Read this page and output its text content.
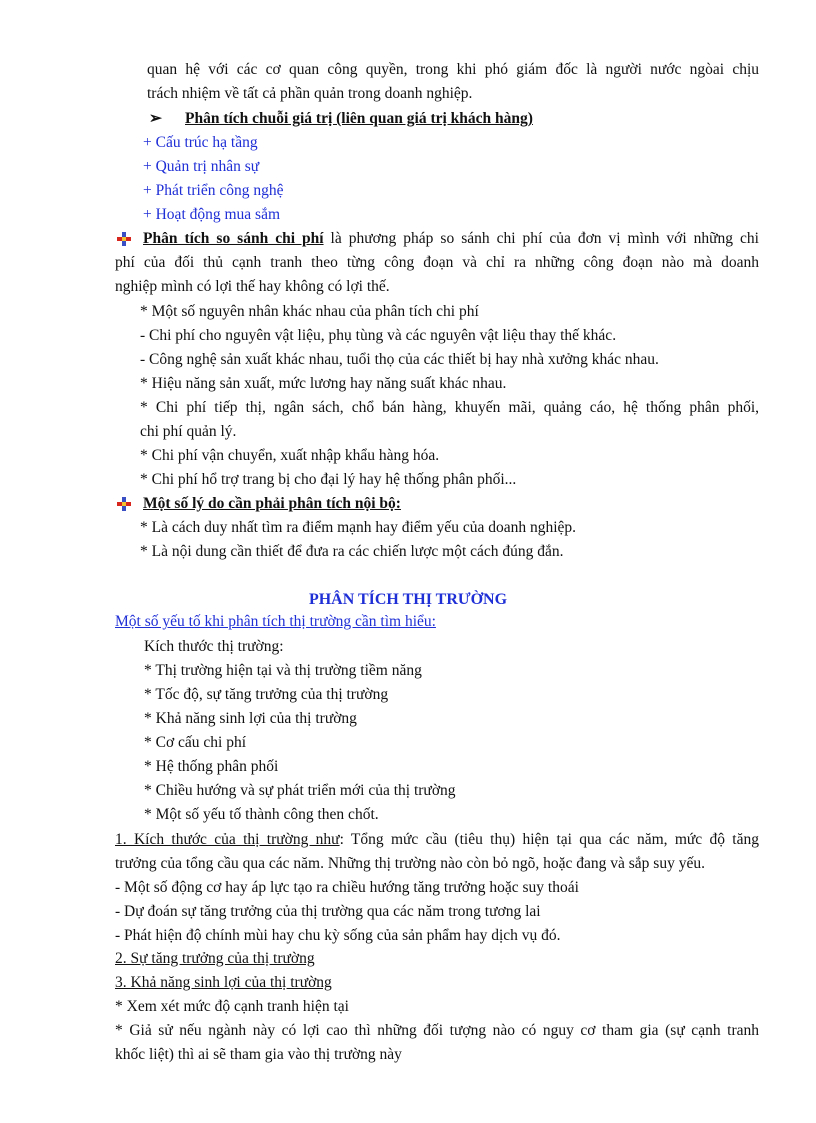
quan hệ với các cơ quan công quyền, trong khi phó giám đốc là người nước ngòai chịu
trách nhiệm về tất cả phần quản trong doanh nghiệp.
➢ Phân tích chuỗi giá trị (liên quan giá trị khách hàng)
+ Cấu trúc hạ tầng
+ Quản trị nhân sự
+ Phát triển công nghệ
+ Hoạt động mua sắm
Phân tích so sánh chi phí là phương pháp so sánh chi phí của đơn vị mình với những chi
phí của đối thủ cạnh tranh theo từng công đoạn và chỉ ra những công đoạn nào mà doanh
nghiệp mình có lợi thế hay không có lợi thế.
* Một số nguyên nhân khác nhau của phân tích chi phí
- Chi phí cho nguyên vật liệu, phụ tùng và các nguyên vật liệu thay thế khác.
- Công nghệ sản xuất khác nhau, tuổi thọ của các thiết bị hay nhà xưởng khác nhau.
* Hiệu năng sản xuất, mức lương hay năng suất khác nhau.
* Chi phí tiếp thị, ngân sách, chổ bán hàng, khuyến mãi, quảng cáo, hệ thống phân phối,
chi phí quản lý.
* Chi phí vận chuyển, xuất nhập khẩu hàng hóa.
* Chi phí hổ trợ trang bị cho đại lý hay hệ thống phân phối...
Một số lý do cần phải phân tích nội bộ:
* Là cách duy nhất tìm ra điểm mạnh hay điểm yếu của doanh nghiệp.
* Là nội dung cần thiết để đưa ra các chiến lược một cách đúng đắn.
PHÂN TÍCH THỊ TRƯỜNG
Một số yếu tố khi phân tích thị trường cần tìm hiểu:
Kích thước thị trường:
* Thị trường hiện tại và thị trường tiềm năng
* Tốc độ, sự tăng trưởng của thị trường
* Khả năng sinh lợi của thị trường
* Cơ cấu chi phí
* Hệ thống phân phối
* Chiều hướng và sự phát triển mới của thị trường
* Một số yếu tố thành công then chốt.
1. Kích thước của thị trường như: Tổng mức cầu (tiêu thụ) hiện tại qua các năm, mức độ tăng
trưởng của tổng cầu qua các năm. Những thị trường nào còn bỏ ngõ, hoặc đang và sắp suy yếu.
- Một số động cơ hay áp lực tạo ra chiều hướng tăng trưởng hoặc suy thoái
- Dự đoán sự tăng trưởng của thị trường qua các năm trong tương lai
- Phát hiện độ chính mùi hay chu kỳ sống của sản phẩm hay dịch vụ đó.
2. Sự tăng trưởng của thị trường
3. Khả năng sinh lợi của thị trường
* Xem xét mức độ cạnh tranh hiện tại
* Giả sử nếu ngành này có lợi cao thì những đối tượng nào có nguy cơ tham gia (sự cạnh tranh
khốc liệt) thì ai sẽ tham gia vào thị trường này
